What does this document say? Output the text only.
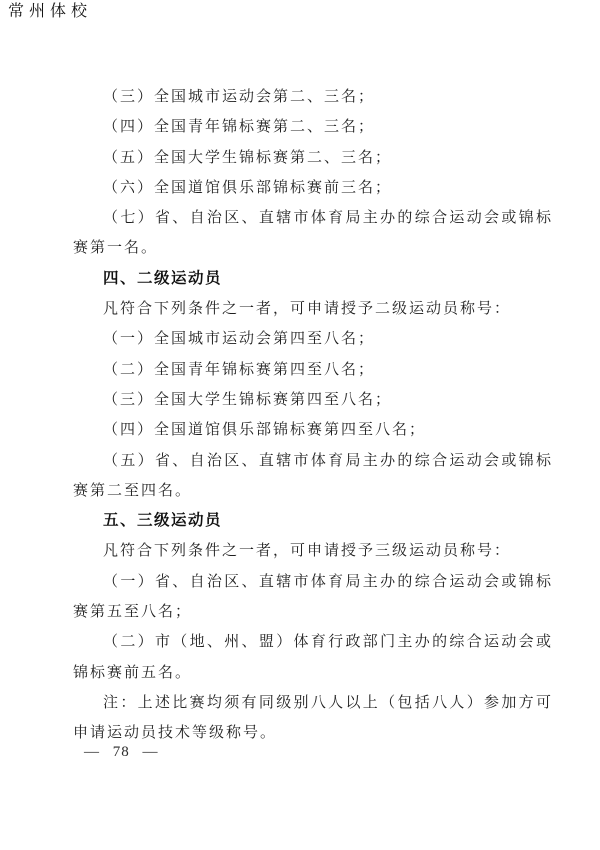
常州体校

（三）全国城市运动会第二、三名；

（四）全国青年锦标赛第二、三名；

（五）全国大学生锦标赛第二、三名；

（六）全国道馆俱乐部锦标赛前三名；

（七）省、自治区、直辖市体育局主办的综合运动会或锦标赛第一名。

四、二级运动员

凡符合下列条件之一者，可申请授予二级运动员称号：

（一）全国城市运动会第四至八名；

（二）全国青年锦标赛第四至八名；

（三）全国大学生锦标赛第四至八名；

（四）全国道馆俱乐部锦标赛第四至八名；

（五）省、自治区、直辖市体育局主办的综合运动会或锦标赛第二至四名。

五、三级运动员

凡符合下列条件之一者，可申请授予三级运动员称号：

（一）省、自治区、直辖市体育局主办的综合运动会或锦标赛第五至八名；

（二）市（地、州、盟）体育行政部门主办的综合运动会或锦标赛前五名。

注：上述比赛均须有同级别八人以上（包括八人）参加方可申请运动员技术等级称号。

— 78 —
